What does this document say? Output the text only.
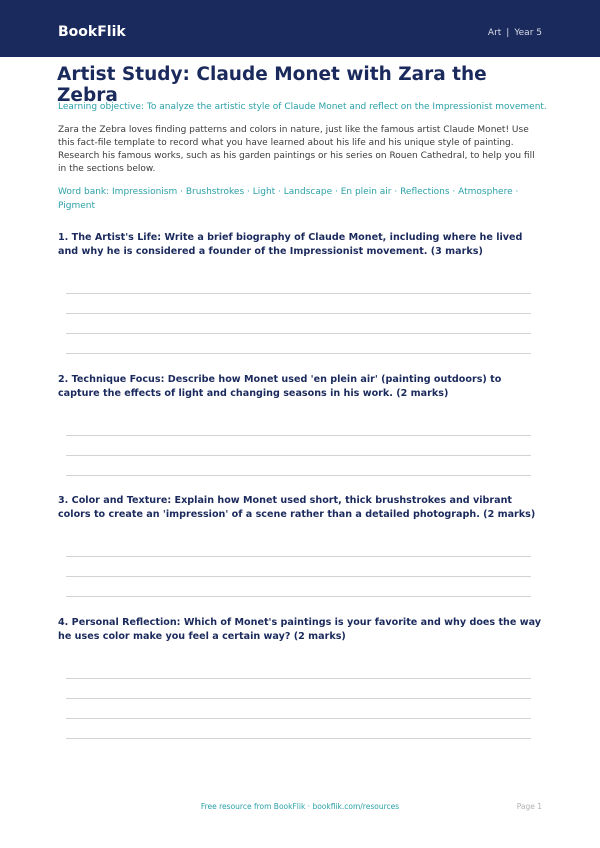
BookFlik	Art | Year 5
Artist Study: Claude Monet with Zara the Zebra
Learning objective: To analyze the artistic style of Claude Monet and reflect on the Impressionist movement.
Zara the Zebra loves finding patterns and colors in nature, just like the famous artist Claude Monet! Use this fact-file template to record what you have learned about his life and his unique style of painting. Research his famous works, such as his garden paintings or his series on Rouen Cathedral, to help you fill in the sections below.
Word bank: Impressionism · Brushstrokes · Light · Landscape · En plein air · Reflections · Atmosphere · Pigment
1. The Artist's Life: Write a brief biography of Claude Monet, including where he lived and why he is considered a founder of the Impressionist movement. (3 marks)
2. Technique Focus: Describe how Monet used 'en plein air' (painting outdoors) to capture the effects of light and changing seasons in his work. (2 marks)
3. Color and Texture: Explain how Monet used short, thick brushstrokes and vibrant colors to create an 'impression' of a scene rather than a detailed photograph. (2 marks)
4. Personal Reflection: Which of Monet's paintings is your favorite and why does the way he uses color make you feel a certain way? (2 marks)
Free resource from BookFlik · bookflik.com/resources	Page 1
